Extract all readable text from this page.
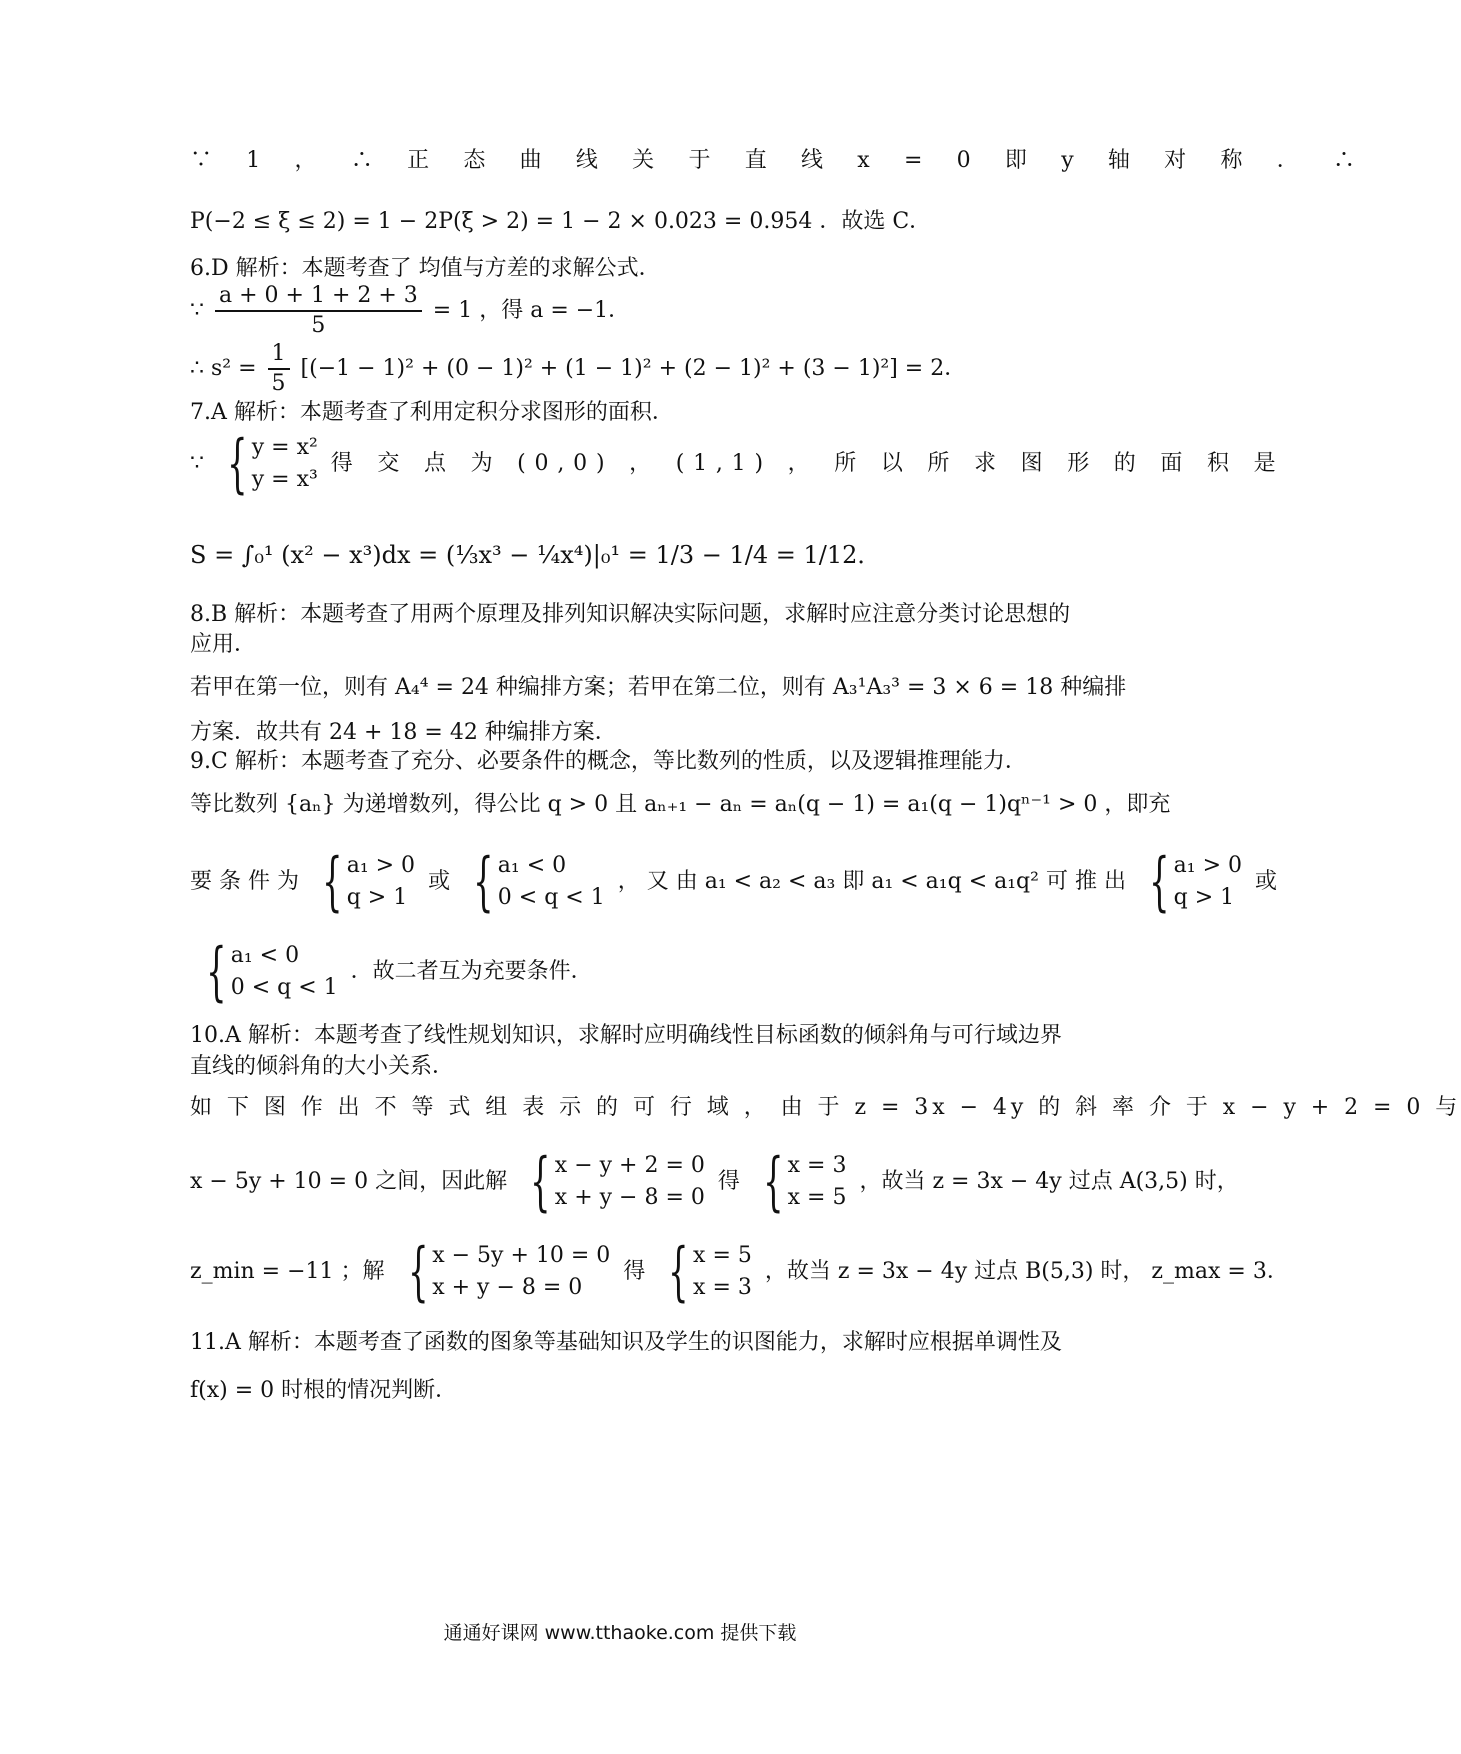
∵ 1 ， ∴ 正 态 曲 线 关 于 直 线 x = 0 即 y 轴 对 称 ． ∴
P(−2 ≤ ξ ≤ 2) = 1 − 2P(ξ > 2) = 1 − 2 × 0.023 = 0.954 ．故选 C．
6.D 解析：本题考查了 均值与方差的求解公式．
∵ $\frac{a + 0 + 1 + 2 + 3}{5} = 1$ ，得 a = −1．
∴ $s^2 = \frac{1}{5} [(-1 - 1)^2 + (0 - 1)^2 + (1 - 1)^2 + (2 - 1)^2 + (3 - 1)^2] = 2$．
7.A 解析：本题考查了利用定积分求图形的面积．
∵ { y = x²
y = x³
得 交 点 为 (0,0) ， (1,1) ， 所 以 所 求 图 形 的 面 积 是
S = ∫₀¹ (x² − x³)dx = (⅓x³ − ¼x⁴)|₀¹ = 1/3 − 1/4 = 1/12．
8.B 解析：本题考查了用两个原理及排列知识解决实际问题，求解时应注意分类讨论思想的
应用．
若甲在第一位，则有 A₄⁴ = 24 种编排方案；若甲在第二位，则有 A₃¹A₃³ = 3 × 6 = 18 种编排
方案．故共有 24 + 18 = 42 种编排方案．
9.C 解析：本题考查了充分、必要条件的概念，等比数列的性质，以及逻辑推理能力．
等比数列 {aₙ} 为递增数列，得公比 q > 0 且 aₙ₊₁ − aₙ = aₙ(q − 1) = a₁(q − 1)qⁿ⁻¹ > 0 ，即充
要 条 件 为 { a₁ > 0
q > 1
或 { a₁ < 0
0 < q < 1
， 又 由 a₁ < a₂ < a₃ 即 a₁ < a₁q < a₁q² 可 推 出 { a₁ > 0
q > 1
或
{ a₁ < 0
0 < q < 1
．故二者互为充要条件．
10.A 解析：本题考查了线性规划知识，求解时应明确线性目标函数的倾斜角与可行域边界
直线的倾斜角的大小关系．
如 下 图 作 出 不 等 式 组 表 示 的 可 行 域 ， 由 于 z = 3x − 4y 的 斜 率 介 于 x − y + 2 = 0 与
x − 5y + 10 = 0 之间，因此解 { x − y + 2 = 0
x + y − 8 = 0
得 { x = 3
x = 5
，故当 z = 3x − 4y 过点 A(3,5) 时，
z_min = −11 ；解 { x − 5y + 10 = 0
x + y − 8 = 0
得 { x = 5
x = 3
，故当 z = 3x − 4y 过点 B(5,3) 时， z_max = 3．
11.A 解析：本题考查了函数的图象等基础知识及学生的识图能力，求解时应根据单调性及
f(x) = 0 时根的情况判断．
通通好课网 www.tthaoke.com 提供下载
